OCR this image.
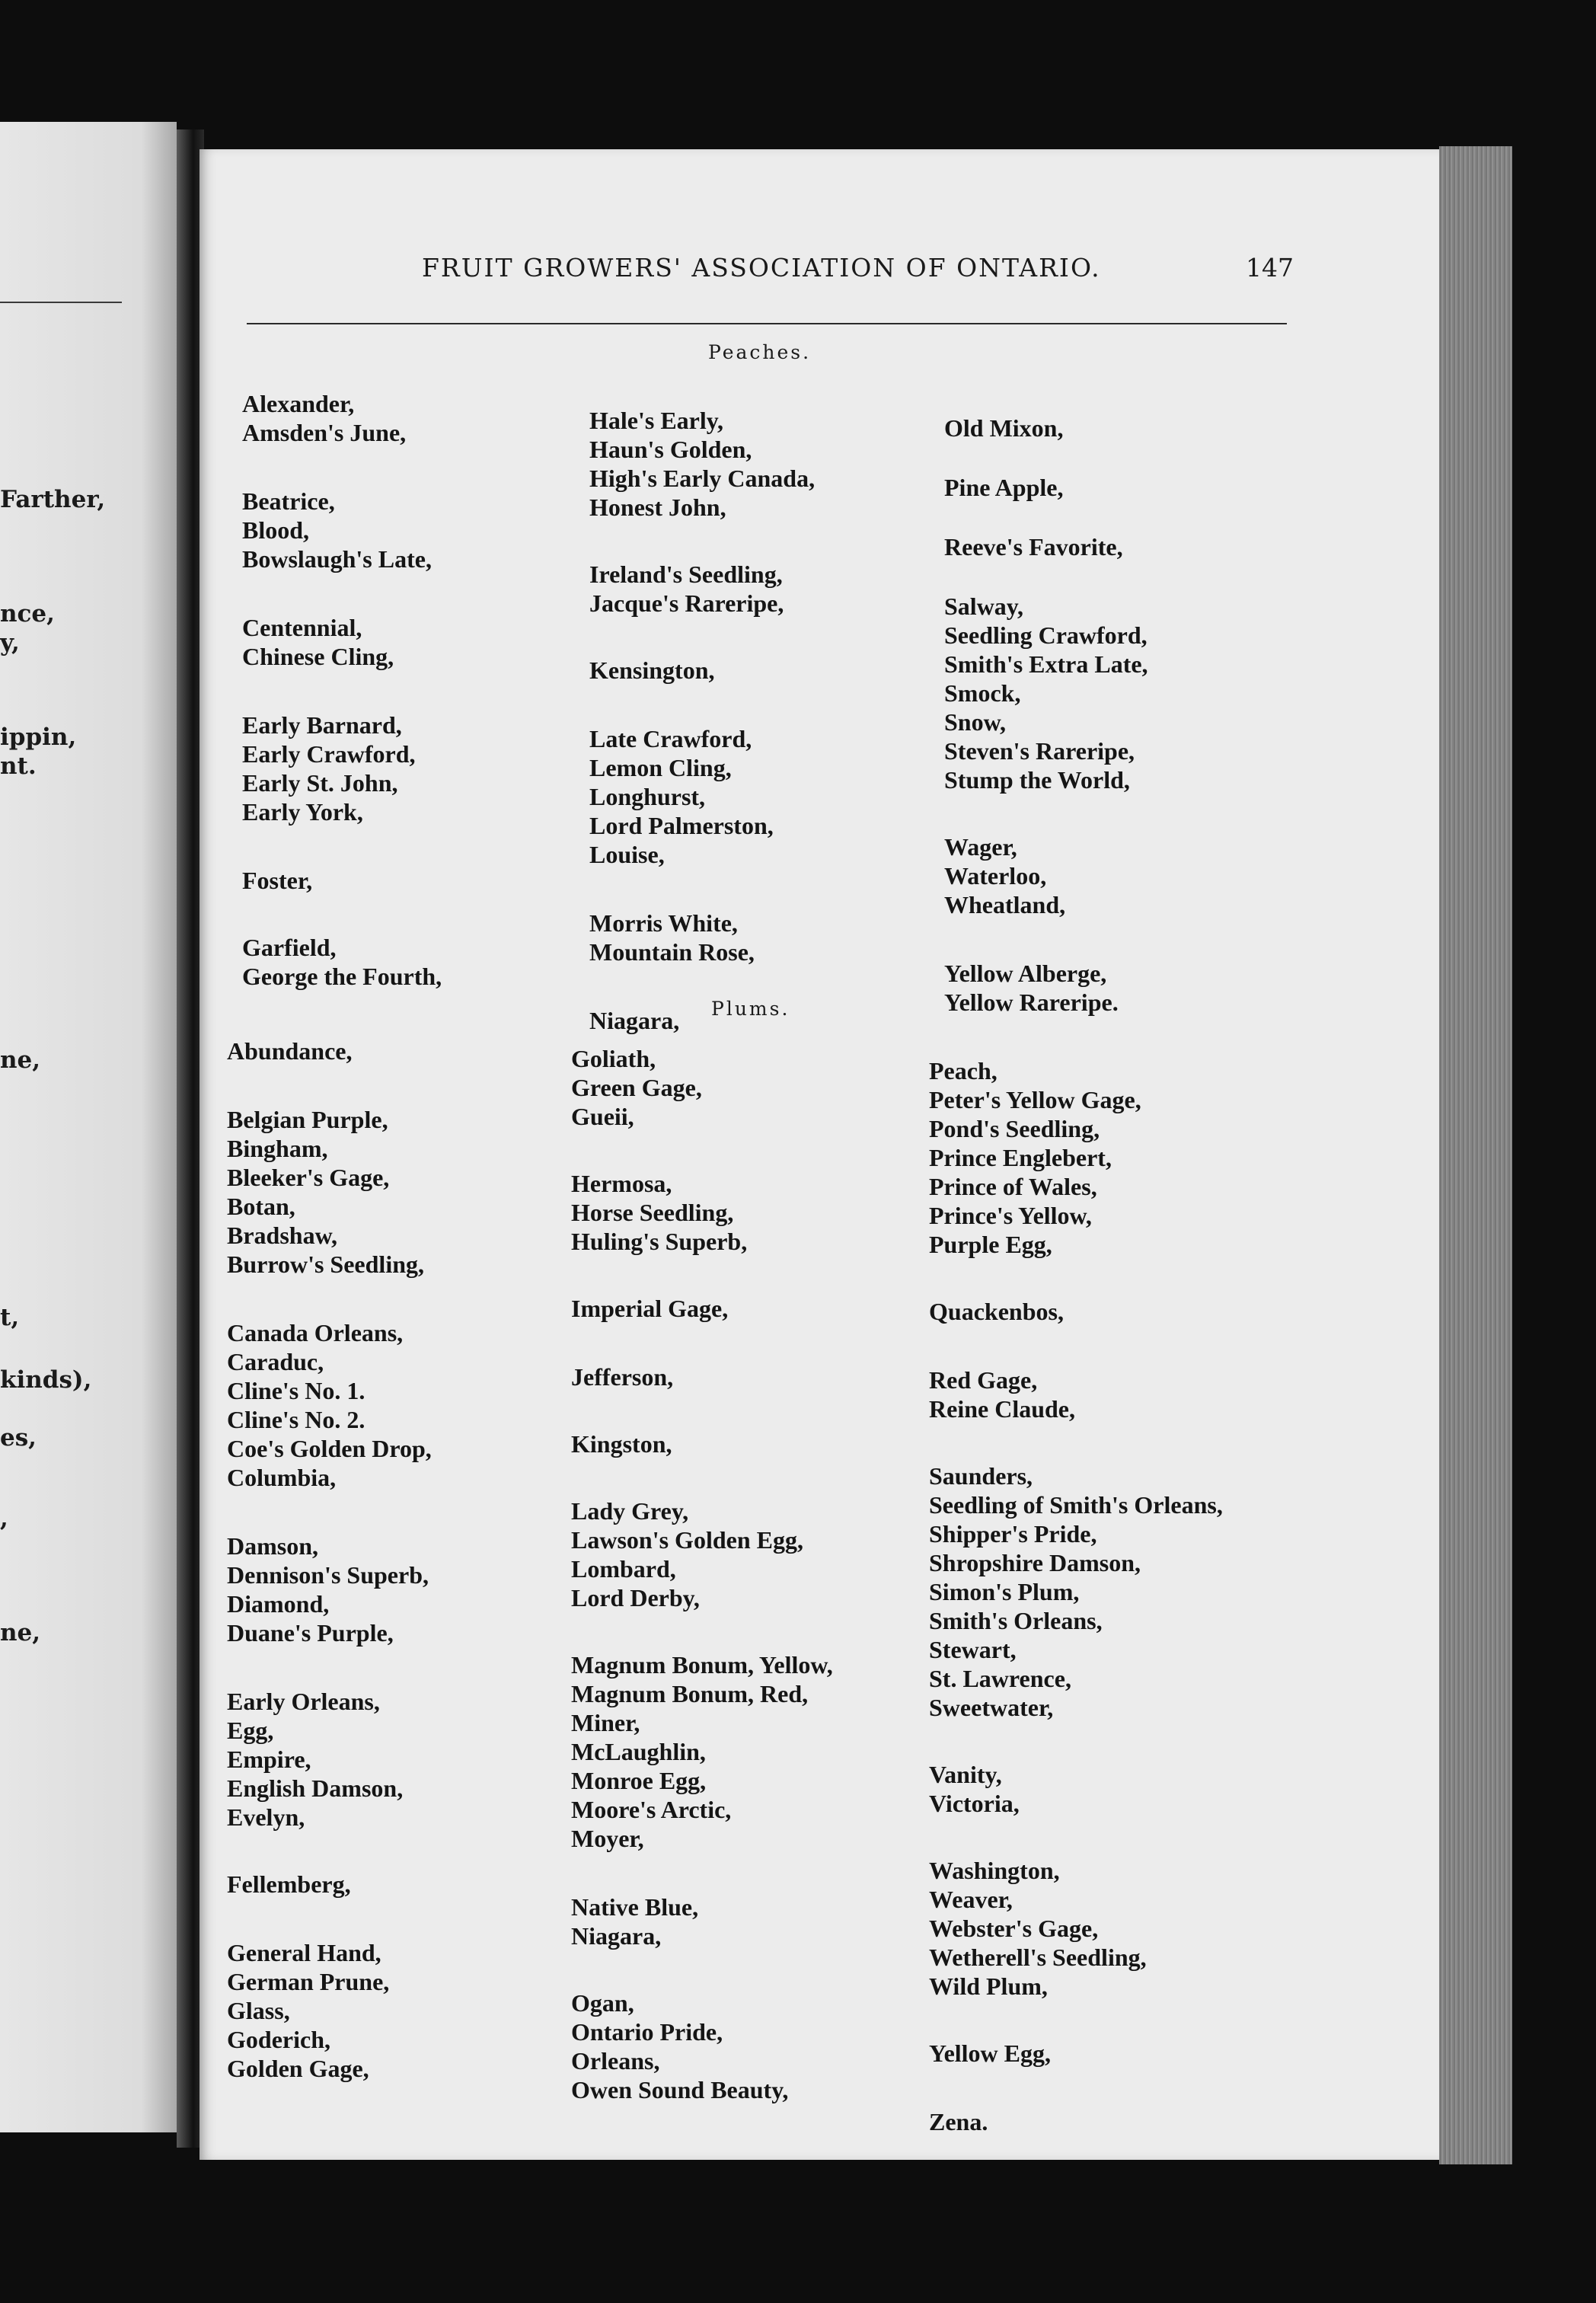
Farther,
nce,
y,
ippin,
nt.
ne,
t,
kinds),
es,
,
ne,
FRUIT GROWERS' ASSOCIATION OF ONTARIO.	147
Peaches.
Alexander,
Amsden's June,
Beatrice,
Blood,
Bowslaugh's Late,
Centennial,
Chinese Cling,
Early Barnard,
Early Crawford,
Early St. John,
Early York,
Foster,
Garfield,
George the Fourth,
Hale's Early,
Haun's Golden,
High's Early Canada,
Honest John,
Ireland's Seedling,
Jacque's Rareripe,
Kensington,
Late Crawford,
Lemon Cling,
Longhurst,
Lord Palmerston,
Louise,
Morris White,
Mountain Rose,
Niagara,
Old Mixon,
Pine Apple,
Reeve's Favorite,
Salway,
Seedling Crawford,
Smith's Extra Late,
Smock,
Snow,
Steven's Rareripe,
Stump the World,
Wager,
Waterloo,
Wheatland,
Yellow Alberge,
Yellow Rareripe.
Plums.
Abundance,
Belgian Purple,
Bingham,
Bleeker's Gage,
Botan,
Bradshaw,
Burrow's Seedling,
Canada Orleans,
Caraduc,
Cline's No. 1.
Cline's No. 2.
Coe's Golden Drop,
Columbia,
Damson,
Dennison's Superb,
Diamond,
Duane's Purple,
Early Orleans,
Egg,
Empire,
English Damson,
Evelyn,
Fellemberg,
General Hand,
German Prune,
Glass,
Goderich,
Golden Gage,
Goliath,
Green Gage,
Gueii,
Hermosa,
Horse Seedling,
Huling's Superb,
Imperial Gage,
Jefferson,
Kingston,
Lady Grey,
Lawson's Golden Egg,
Lombard,
Lord Derby,
Magnum Bonum, Yellow,
Magnum Bonum, Red,
Miner,
McLaughlin,
Monroe Egg,
Moore's Arctic,
Moyer,
Native Blue,
Niagara,
Ogan,
Ontario Pride,
Orleans,
Owen Sound Beauty,
Peach,
Peter's Yellow Gage,
Pond's Seedling,
Prince Englebert,
Prince of Wales,
Prince's Yellow,
Purple Egg,
Quackenbos,
Red Gage,
Reine Claude,
Saunders,
Seedling of Smith's Orleans,
Shipper's Pride,
Shropshire Damson,
Simon's Plum,
Smith's Orleans,
Stewart,
St. Lawrence,
Sweetwater,
Vanity,
Victoria,
Washington,
Weaver,
Webster's Gage,
Wetherell's Seedling,
Wild Plum,
Yellow Egg,
Zena.
